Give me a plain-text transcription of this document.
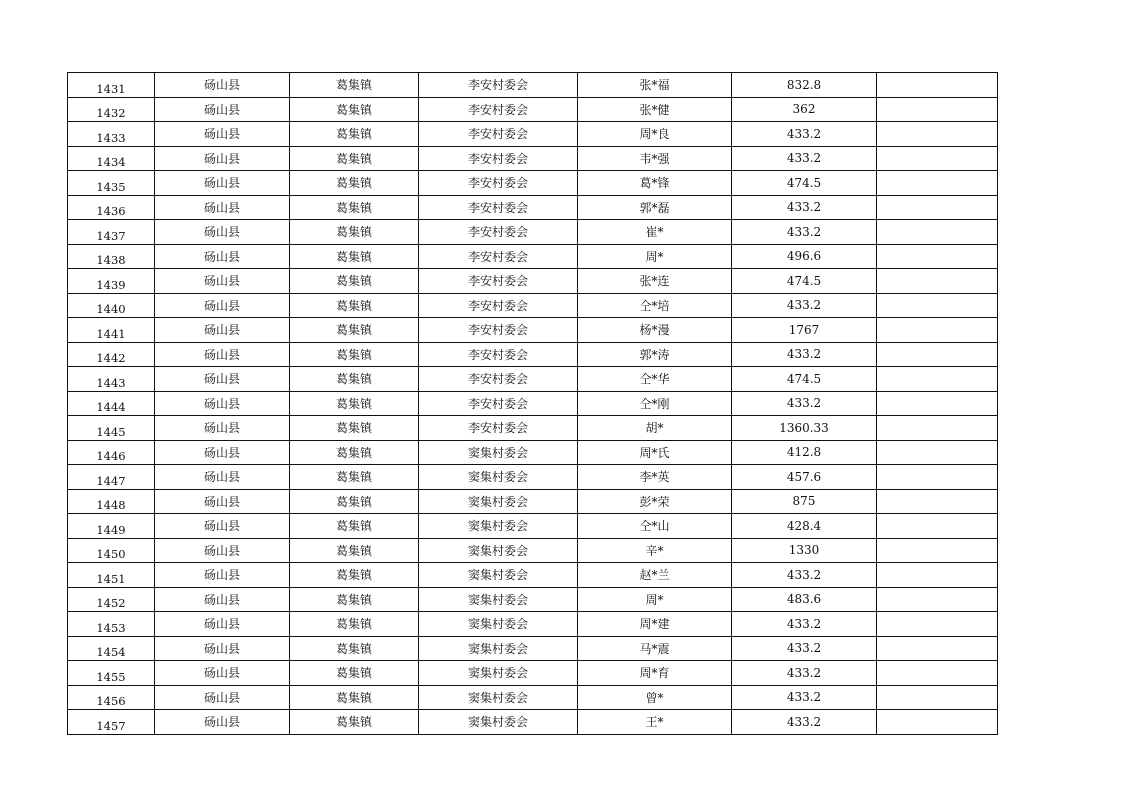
1431	砀山县	葛集镇	李安村委会	张*福	832.8	
1432	砀山县	葛集镇	李安村委会	张*健	362	
1433	砀山县	葛集镇	李安村委会	周*良	433.2	
1434	砀山县	葛集镇	李安村委会	韦*强	433.2	
1435	砀山县	葛集镇	李安村委会	葛*锋	474.5	
1436	砀山县	葛集镇	李安村委会	郭*磊	433.2	
1437	砀山县	葛集镇	李安村委会	崔*	433.2	
1438	砀山县	葛集镇	李安村委会	周*	496.6	
1439	砀山县	葛集镇	李安村委会	张*连	474.5	
1440	砀山县	葛集镇	李安村委会	仝*培	433.2	
1441	砀山县	葛集镇	李安村委会	杨*漫	1767	
1442	砀山县	葛集镇	李安村委会	郭*涛	433.2	
1443	砀山县	葛集镇	李安村委会	仝*华	474.5	
1444	砀山县	葛集镇	李安村委会	仝*刚	433.2	
1445	砀山县	葛集镇	李安村委会	胡*	1360.33	
1446	砀山县	葛集镇	窦集村委会	周*氏	412.8	
1447	砀山县	葛集镇	窦集村委会	李*英	457.6	
1448	砀山县	葛集镇	窦集村委会	彭*荣	875	
1449	砀山县	葛集镇	窦集村委会	仝*山	428.4	
1450	砀山县	葛集镇	窦集村委会	辛*	1330	
1451	砀山县	葛集镇	窦集村委会	赵*兰	433.2	
1452	砀山县	葛集镇	窦集村委会	周*	483.6	
1453	砀山县	葛集镇	窦集村委会	周*建	433.2	
1454	砀山县	葛集镇	窦集村委会	马*震	433.2	
1455	砀山县	葛集镇	窦集村委会	周*育	433.2	
1456	砀山县	葛集镇	窦集村委会	曾*	433.2	
1457	砀山县	葛集镇	窦集村委会	王*	433.2	
